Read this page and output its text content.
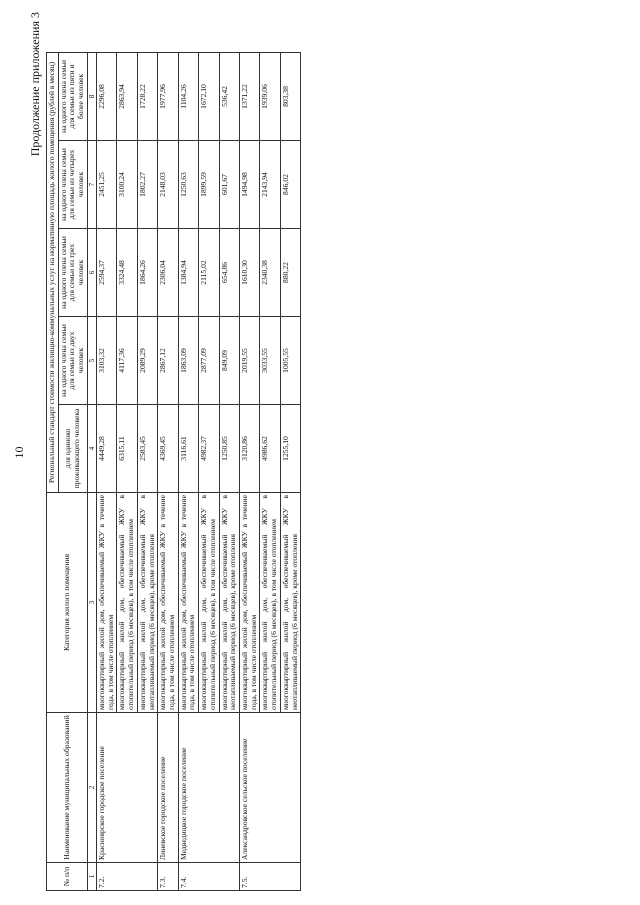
10
Продолжение приложения 3
№ п/п	Наименование муниципальных образований	Категория жилого помещения	Региональный стандарт стоимости жилищно-коммунальных услуг на нормативную площадь жилого помещения (рублей в месяц)				
			для одиноко проживающего человека	на одного члена семьи для семьи из двух человек	на одного члена семьи для семьи из трех человек	на одного члена семьи для семьи из четырех человек	на одного члена семьи для семьи из пяти и более человек
1	2	3	4	5	6	7	8
7.2.	Краснoярское городское поселение	многоквартирный жилой дом, обеспечиваемый ЖКУ в течение года, в том числе отоплением	4449,28	3103,32	2594,37	2451,25	2296,08
		многоквартирный жилой дом, обеспечиваемый ЖКУ в отопительный период (6 месяцев), в том числе отоплением	6315,11	4117,36	3324,48	3100,24	2863,94
		многоквартирный жилой дом, обеспечиваемый ЖКУ в неотапливаемый период (6 месяцев), кроме отопления	2583,45	2089,29	1864,26	1802,27	1728,22
7.3.	Линевское городское поселение	многоквартирный жилой дом, обеспечиваемый ЖКУ в течение года, в том числе отоплением	4369,45	2867,12	2306,04	2148,03	1977,96
7.4.	Медведицкое городское поселение	многоквартирный жилой дом, обеспечиваемый ЖКУ в течение года, в том числе отоплением	3116,61	1863,09	1384,94	1250,63	1104,26
		многоквартирный жилой дом, обеспечиваемый ЖКУ в отопительный период (6 месяцев), в том числе отоплением	4982,37	2877,09	2115,02	1899,59	1672,10
		многоквартирный жилой дом, обеспечиваемый ЖКУ в неотапливаемый период (6 месяцев), кроме отопления	1250,85	849,09	654,86	601,67	536,42
7.5.	Александровское сельское поселение	многоквартирный жилой дом, обеспечиваемый ЖКУ в течение года, в том числе отоплением	3120,86	2019,55	1610,30	1494,98	1371,22
		многоквартирный жилой дом, обеспечиваемый ЖКУ в отопительный период (6 месяцев), в том числе отоплением	4986,62	3033,55	2340,38	2143,94	1939,06
		многоквартирный жилой дом, обеспечиваемый ЖКУ в неотапливаемый период (6 месяцев), кроме отопления	1255,10	1005,55	880,22	846,02	803,38
